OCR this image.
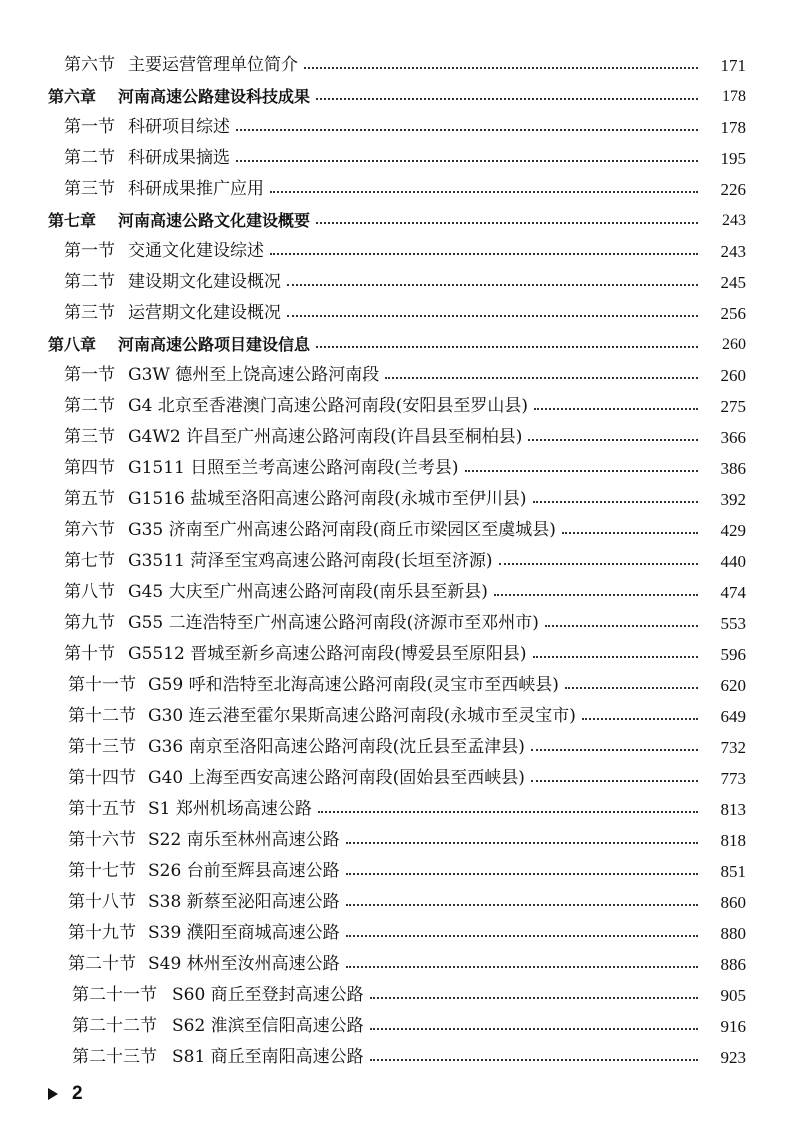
第六节 主要运营管理单位简介	171
第六章	河南高速公路建设科技成果	178
第一节 科研项目综述	178
第二节 科研成果摘选	195
第三节 科研成果推广应用	226
第七章	河南高速公路文化建设概要	243
第一节 交通文化建设综述	243
第二节 建设期文化建设概况	245
第三节 运营期文化建设概况	256
第八章	河南高速公路项目建设信息	260
第一节 G3W 德州至上饶高速公路河南段	260
第二节 G4 北京至香港澳门高速公路河南段(安阳县至罗山县)	275
第三节 G4W2 许昌至广州高速公路河南段(许昌县至桐柏县)	366
第四节 G1511 日照至兰考高速公路河南段(兰考县)	386
第五节 G1516 盐城至洛阳高速公路河南段(永城市至伊川县)	392
第六节 G35 济南至广州高速公路河南段(商丘市梁园区至虞城县)	429
第七节 G3511 菏泽至宝鸡高速公路河南段(长垣至济源)	440
第八节 G45 大庆至广州高速公路河南段(南乐县至新县)	474
第九节 G55 二连浩特至广州高速公路河南段(济源市至邓州市)	553
第十节 G5512 晋城至新乡高速公路河南段(博爱县至原阳县)	596
第十一节 G59 呼和浩特至北海高速公路河南段(灵宝市至西峡县)	620
第十二节 G30 连云港至霍尔果斯高速公路河南段(永城市至灵宝市)	649
第十三节 G36 南京至洛阳高速公路河南段(沈丘县至孟津县)	732
第十四节 G40 上海至西安高速公路河南段(固始县至西峡县)	773
第十五节 S1 郑州机场高速公路	813
第十六节 S22 南乐至林州高速公路	818
第十七节 S26 台前至辉县高速公路	851
第十八节 S38 新蔡至泌阳高速公路	860
第十九节 S39 濮阳至商城高速公路	880
第二十节 S49 林州至汝州高速公路	886
第二十一节 S60 商丘至登封高速公路	905
第二十二节 S62 淮滨至信阳高速公路	916
第二十三节 S81 商丘至南阳高速公路	923
2
